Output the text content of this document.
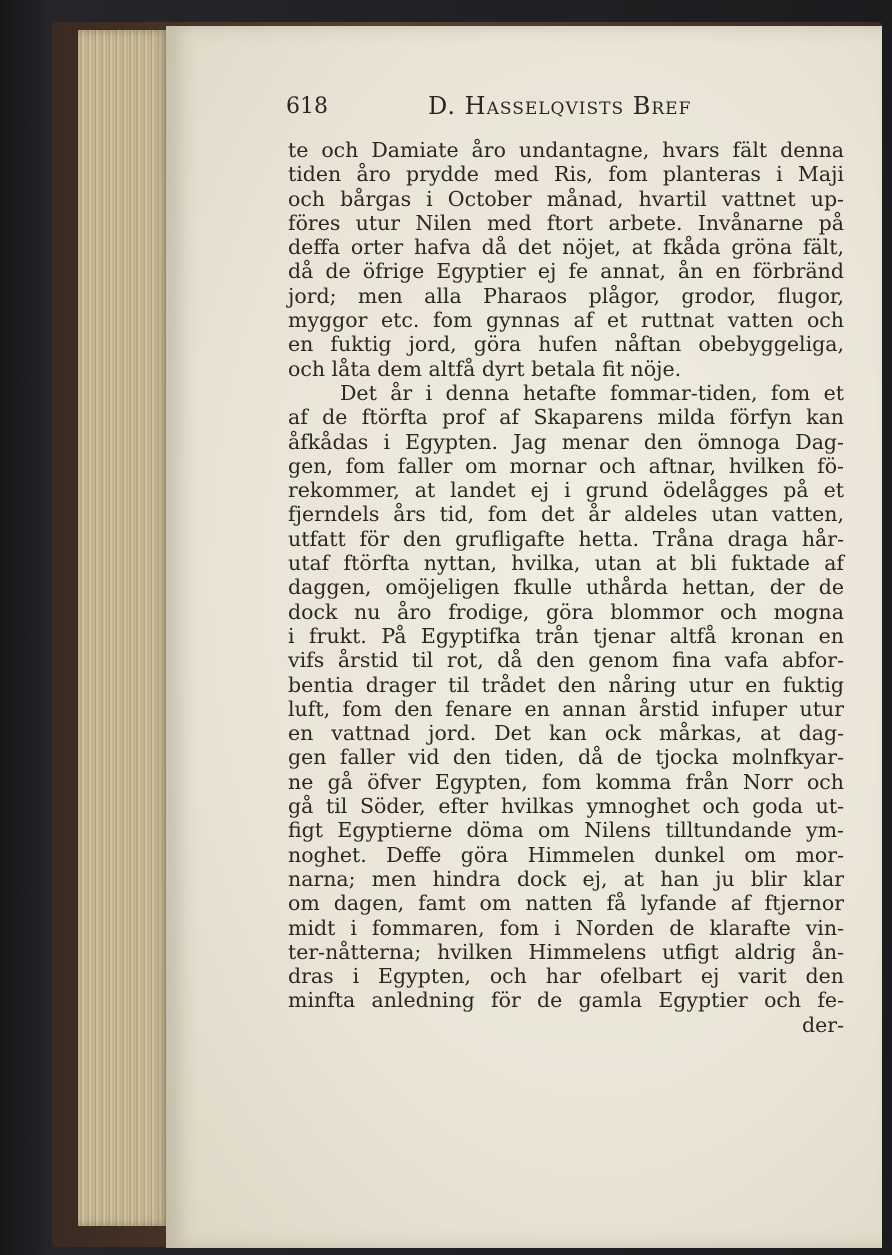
618	D. Hasselqvists Bref
te och Damiate åro undantagne, hvars fält denna
tiden åro prydde med Ris, fom planteras i Maji
och bårgas i October månad, hvartil vattnet up-
föres utur Nilen med ftort arbete. Invånarne på
deffa orter hafva då det nöjet, at fkåda gröna fält,
då de öfrige Egyptier ej fe annat, ån en förbränd
jord; men alla Pharaos plågor, grodor, flugor,
myggor etc. fom gynnas af et ruttnat vatten och
en fuktig jord, göra hufen nåftan obebyggeliga,
och låta dem altfå dyrt betala fit nöje.
Det år i denna hetafte fommar-tiden, fom et
af de ftörfta prof af Skaparens milda förfyn kan
åfkådas i Egypten. Jag menar den ömnoga Dag-
gen, fom faller om mornar och aftnar, hvilken fö-
rekommer, at landet ej i grund ödelågges på et
fjerndels års tid, fom det år aldeles utan vatten,
utfatt för den grufligafte hetta. Tråna draga hår-
utaf ftörfta nyttan, hvilka, utan at bli fuktade af
daggen, omöjeligen fkulle uthårda hettan, der de
dock nu åro frodige, göra blommor och mogna
i frukt. På Egyptifka trån tjenar altfå kronan en
vifs årstid til rot, då den genom fina vafa abfor-
bentia drager til trådet den nåring utur en fuktig
luft, fom den fenare en annan årstid infuper utur
en vattnad jord. Det kan ock mårkas, at dag-
gen faller vid den tiden, då de tjocka molnfkyar-
ne gå öfver Egypten, fom komma från Norr och
gå til Söder, efter hvilkas ymnoghet och goda ut-
figt Egyptierne döma om Nilens tilltundande ym-
noghet. Deffe göra Himmelen dunkel om mor-
narna; men hindra dock ej, at han ju blir klar
om dagen, famt om natten få lyfande af ftjernor
midt i fommaren, fom i Norden de klarafte vin-
ter-nåtterna; hvilken Himmelens utfigt aldrig ån-
dras i Egypten, och har ofelbart ej varit den
minfta anledning för de gamla Egyptier och fe-
der-
